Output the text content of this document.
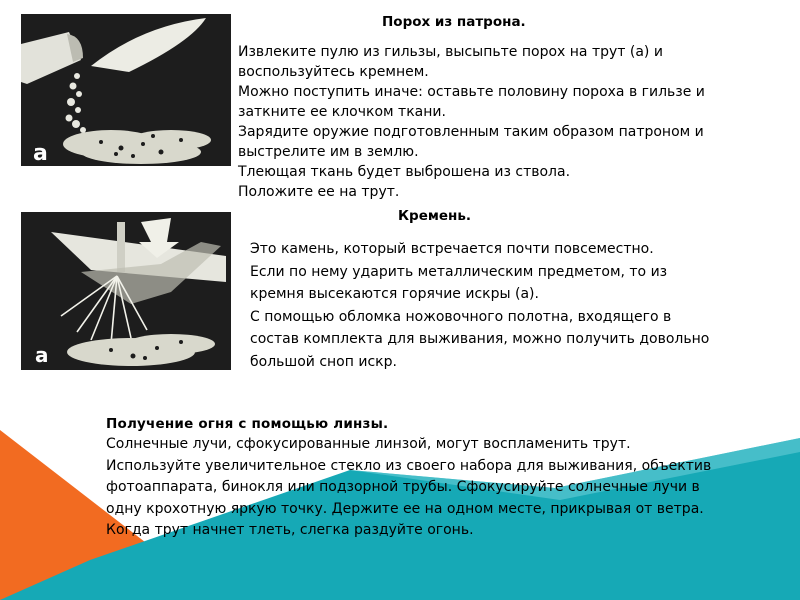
a
a
Порох из патрона.
Извлеките пулю из гильзы, высыпьте порох на трут (а) и
воспользуйтесь кремнем.
Можно поступить иначе: оставьте половину пороха в гильзе и
заткните ее клочком ткани.
Зарядите оружие подготовленным таким образом патроном и
выстрелите им в землю.
Тлеющая ткань будет выброшена из ствола.
Положите ее на трут.
Кремень.
Это камень, который встречается почти повсеместно.
Если по нему ударить металлическим предметом, то из
кремня высекаются горячие искры (а).
С помощью обломка ножовочного полотна, входящего в
состав комплекта для выживания, можно получить довольно
большой сноп искр.
Получение огня с помощью линзы.
Солнечные лучи, сфокусированные линзой, могут воспламенить трут.
Используйте увеличительное стекло из своего набора для выживания, объектив
фотоаппарата, бинокля или подзорной трубы. Сфокусируйте солнечные лучи в
одну крохотную яркую точку. Держите ее на одном месте, прикрывая от ветра.
Когда трут начнет тлеть, слегка раздуйте огонь.
